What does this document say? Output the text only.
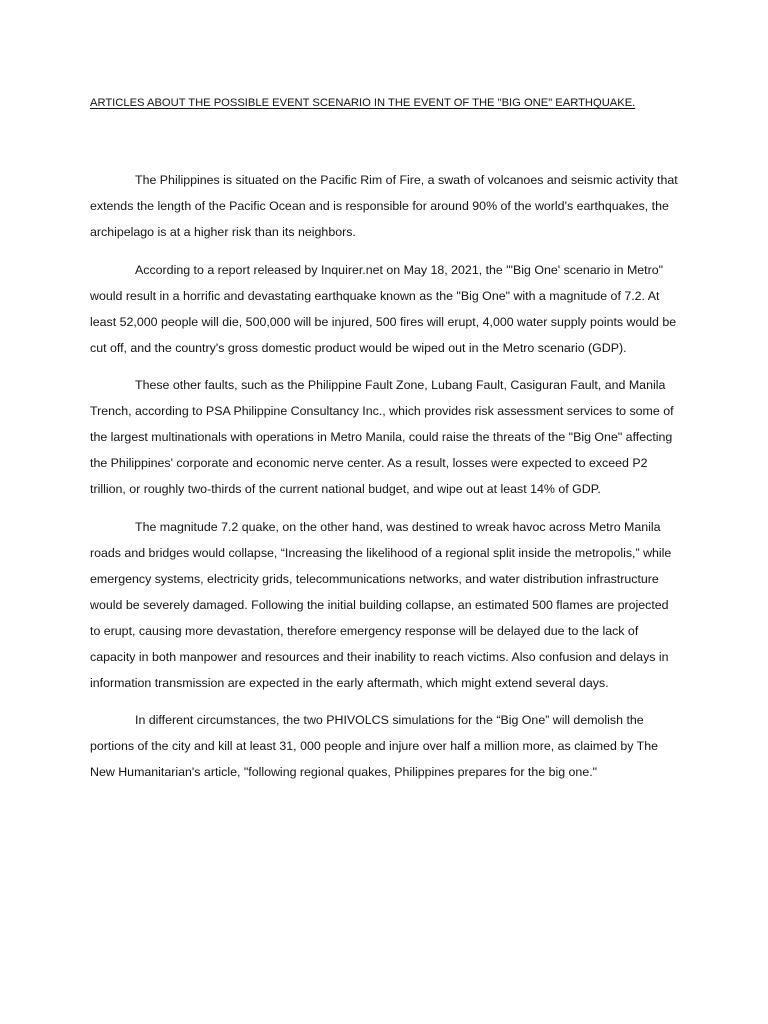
ARTICLES ABOUT THE POSSIBLE EVENT SCENARIO IN THE EVENT OF THE "BIG ONE" EARTHQUAKE.

The Philippines is situated on the Pacific Rim of Fire, a swath of volcanoes and seismic activity that extends the length of the Pacific Ocean and is responsible for around 90% of the world's earthquakes, the archipelago is at a higher risk than its neighbors.

According to a report released by Inquirer.net on May 18, 2021, the "'Big One' scenario in Metro" would result in a horrific and devastating earthquake known as the "Big One" with a magnitude of 7.2. At least 52,000 people will die, 500,000 will be injured, 500 fires will erupt, 4,000 water supply points would be cut off, and the country's gross domestic product would be wiped out in the Metro scenario (GDP).

These other faults, such as the Philippine Fault Zone, Lubang Fault, Casiguran Fault, and Manila Trench, according to PSA Philippine Consultancy Inc., which provides risk assessment services to some of the largest multinationals with operations in Metro Manila, could raise the threats of the "Big One" affecting the Philippines' corporate and economic nerve center. As a result, losses were expected to exceed P2 trillion, or roughly two-thirds of the current national budget, and wipe out at least 14% of GDP.

The magnitude 7.2 quake, on the other hand, was destined to wreak havoc across Metro Manila roads and bridges would collapse, “Increasing the likelihood of a regional split inside the metropolis,” while emergency systems, electricity grids, telecommunications networks, and water distribution infrastructure would be severely damaged. Following the initial building collapse, an estimated 500 flames are projected to erupt, causing more devastation, therefore emergency response will be delayed due to the lack of capacity in both manpower and resources and their inability to reach victims. Also confusion and delays in information transmission are expected in the early aftermath, which might extend several days.

In different circumstances, the two PHIVOLCS simulations for the “Big One” will demolish the portions of the city and kill at least 31, 000 people and injure over half a million more, as claimed by The New Humanitarian's article, "following regional quakes, Philippines prepares for the big one."
